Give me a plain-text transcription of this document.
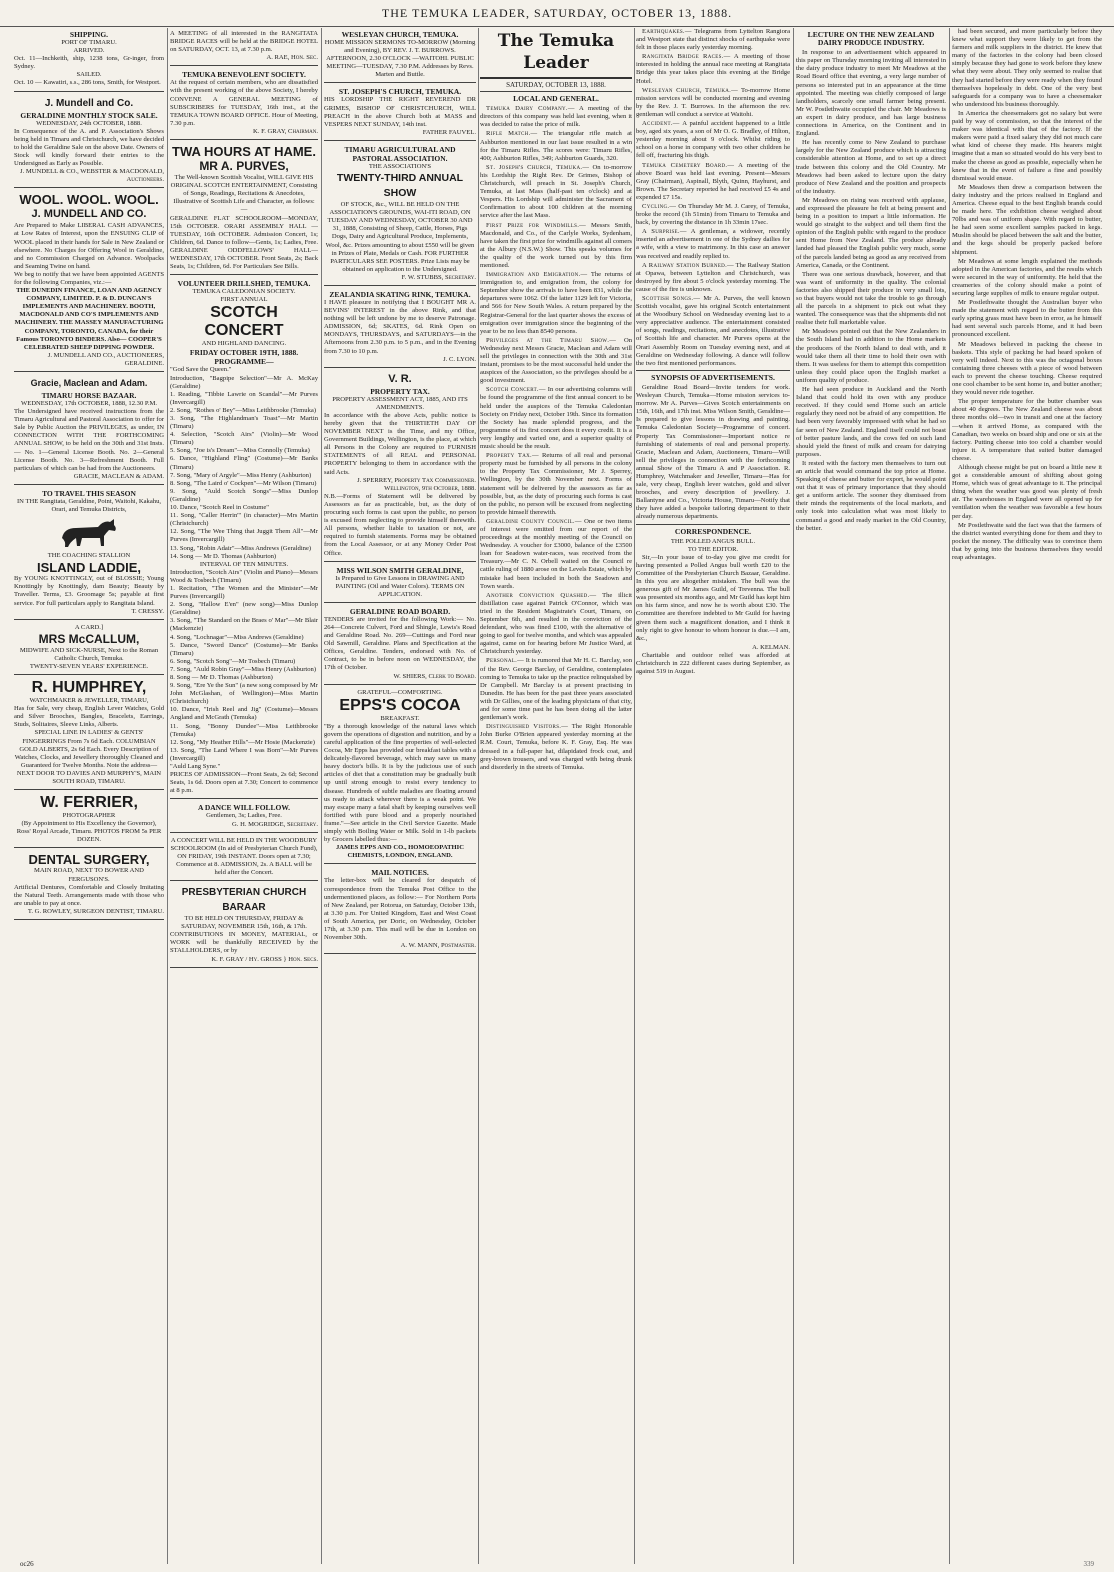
THE TEMUKA LEADER, SATURDAY, OCTOBER 13, 1888.
SHIPPING.
PORT OF TIMARU.
ARRIVED.

Oct. 11—Inchkeith, ship, 1238 tons, Gr-inger, from Sydney.

SAILED.

Oct. 10 — Kawatiri, s.s., 286 tons, Smith, for Westport.

J. Mundell and Co.
GERALDINE MONTHLY STOCK SALE.
WEDNESDAY, 24th OCTOBER, 1888.

In Consequence of the A. and P. Association's Shows being held in Timaru and Christchurch, we have decided to hold the Geraldine Sale on the above Date. Owners of Stock will kindly forward their entries to the Undersigned as Early as Possible.

J. MUNDELL & CO., WEBSTER & MACDONALD, Auctioneers.
WOOL. WOOL. WOOL.
J. MUNDELL AND CO.

Are Prepared to Make LIBERAL CASH ADVANCES, at Low Rates of Interest, upon the ENSUING CLIP of WOOL placed in their hands for Sale in New Zealand or elsewhere. No Charges for Offering Wool in Geraldine, and no Commission Charged on Advance. Woolpacks and Seaming Twine on hand.

We beg to notify that we have been appointed AGENTS for the following Companies, viz.:—

THE DUNEDIN FINANCE, LOAN AND AGENCY COMPANY, LIMITED. P. & D. DUNCAN'S IMPLEMENTS AND MACHINERY. BOOTH, MACDONALD AND CO'S IMPLEMENTS AND MACHINERY. THE MASSEY MANUFACTURING COMPANY, TORONTO, CANADA, for their Famous TORONTO BINDERS. Also— COOPER'S CELEBRATED SHEEP DIPPING POWDER.

J. MUNDELL AND CO., AUCTIONEERS, GERALDINE.
Gracie, Maclean and Adam.
TIMARU HORSE BAZAAR.
WEDNESDAY, 17th OCTOBER, 1888, 12.30 P.M.

The Undersigned have received instructions from the Timaru Agricultural and Pastoral Association to offer for Sale by Public Auction the PRIVILEGES, as under, IN CONNECTION WITH THE FORTHCOMING ANNUAL SHOW, to be held on the 30th and 31st Insts.— No. 1—General License Booth. No. 2—General License Booth. No. 3—Refreshment Booth. Full particulars of which can be had from the Auctioneers.

GRACIE, MACLEAN & ADAM.
TO TRAVEL THIS SEASON

IN THE Rangitata, Geraldine, Point, Waitohi, Kakahu, Orari, and Temuka Districts,

THE COACHING STALLION
ISLAND LADDIE,

By YOUNG KNOTTINGLY, out of BLOSSIE; Young Knottingly by Knottingly, dam Beauty; Beauty by Traveller. Terms, £3. Groomage 5s; payable at first service. For full particulars apply to Rangitata Island.

T. CRESSY.
A CARD.]
MRS McCALLUM,

MIDWIFE AND SICK-NURSE, Next to the Roman Catholic Church, Temuka.

TWENTY-SEVEN YEARS' EXPERIENCE.
R. HUMPHREY,
WATCHMAKER & JEWELLER, TIMARU,

Has for Sale, very cheap, English Lever Watches, Gold and Silver Brooches, Bangles, Bracelets, Earrings, Studs, Solitaires, Sleeve Links, Alberts.

SPECIAL LINE IN LADIES' & GENTS' FINGERRINGS From 7s 6d Each. COLUMBIAN GOLD ALBERTS, 2s 6d Each. Every Description of Watches, Clocks, and Jewellery thoroughly Cleaned and Guaranteed for Twelve Months. Note the address— NEXT DOOR TO DAVIES AND MURPHY'S, MAIN SOUTH ROAD, TIMARU.

W. FERRIER,
PHOTOGRAPHER

(By Appointment to His Excellency the Governor), Ross' Royal Arcade, Timaru. PHOTOS FROM 5s PER DOZEN.

DENTAL SURGERY,
MAIN ROAD, NEXT TO BOWER AND FERGUSON'S.

Artificial Dentures, Comfortable and Closely Imitating the Natural Teeth. Arrangements made with those who are unable to pay at once.

T. G. ROWLEY, SURGEON DENTIST, TIMARU.

A MEETING of all interested in the RANGITATA BRIDGE RACES will be held at the BRIDGE HOTEL on SATURDAY, OCT. 13, at 7.30 p.m.

A. RAE, Hon. Sec.
TEMUKA BENEVOLENT SOCIETY.

At the request of certain members, who are dissatisfied with the present working of the above Society, I hereby CONVENE A GENERAL MEETING of SUBSCRIBERS for TUESDAY, 16th inst., at the TEMUKA TOWN BOARD OFFICE. Hour of Meeting, 7.30 p.m.

K. F. GRAY, Chairman.
TWA HOURS AT HAME.
MR A. PURVES,

The Well-known Scottish Vocalist, WILL GIVE HIS ORIGINAL SCOTCH ENTERTAINMENT, Consisting of Songs, Readings, Recitations & Anecdotes, Illustrative of Scottish Life and Character, as follows:—

GERALDINE FLAT SCHOOLROOM—MONDAY, 15th OCTOBER. ORARI ASSEMBLY HALL — TUESDAY, 16th OCTOBER. Admission Concert, 1s; Children, 6d. Dance to follow—Gents, 1s; Ladies, Free. GERALDINE ODDFELLOWS' HALL—WEDNESDAY, 17th OCTOBER. Front Seats, 2s; Back Seats, 1s; Children, 6d. For Particulars See Bills.

VOLUNTEER DRILLSHED, TEMUKA.
TEMUKA CALEDONIAN SOCIETY.
FIRST ANNUAL
SCOTCH CONCERT
AND HIGHLAND DANCING.
FRIDAY OCTOBER 19TH, 1888.
PROGRAMME—
"God Save the Queen."
Introduction, "Bagpipe Selection"—Mr A. McKay (Geraldine)
1. Reading, "Tibbie Lawrie on Scandal"—Mr Purves (Invercargill)
2. Song, "Rothes o' Bey"—Miss Leithbrooke (Temuka)
3. Song, "The Highlandman's Toast"—Mr Martin (Timaru)
4. Selection, "Scotch Airs" (Violin)—Mr Wood (Timaru)
5. Song, "Joe is's Dream"—Miss Connolly (Temuka)
6. Dance, "Highland Fling" (Costume)—Mr Banks (Timaru)
7. Song, "Mary of Argyle"—Miss Henry (Ashburton)
8. Song, "The Laird o' Cockpen"—Mr Wilson (Timaru)
9. Song, "Auld Scotch Songs"—Miss Dunlop (Geraldine)
10. Dance, "Scotch Reel in Costume"
11. Song, "Caller Herrin'" (in character)—Mrs Martin (Christchurch)
12. Song, "The Wee Thing that Juggit Them All"—Mr Purves (Invercargill)
13. Song, "Robin Adair"—Miss Andrews (Geraldine)
14. Song — Mr D. Thomas (Ashburton)
INTERVAL OF TEN MINUTES.
Introduction, "Scotch Airs" (Violin and Piano)—Messrs Wood & Tosbech (Timaru)
1. Recitation, "The Women and the Minister"—Mr Purves (Invercargill)
2. Song, "Hallow E'en" (new song)—Miss Dunlop (Geraldine)
3. Song, "The Standard on the Braes o' Mar"—Mr Blair (Mackenzie)
4. Song, "Lochnagar"—Miss Andrews (Geraldine)
5. Dance, "Sword Dance" (Costume)—Mr Banks (Timaru)
6. Song, "Scotch Song"—Mr Tosbech (Timaru)
7. Song, "Auld Robin Gray"—Miss Henry (Ashburton)
8. Song — Mr D. Thomas (Ashburton)
9. Song, "Ere Ye the Sun" (a new song composed by Mr John McGlashan, of Wellington)—Miss Martin (Christchurch)
10. Dance, "Irish Reel and Jig" (Costume)—Messrs Angland and McGrath (Temuka)
11. Song, "Bonny Dundee"—Miss Leithbrooke (Temuka)
12. Song, "My Heather Hills"—Mr Hosie (Mackenzie)
13. Song, "The Land Where I was Born"—Mr Purves (Invercargill)
"Auld Lang Syne."

PRICES OF ADMISSION—Front Seats, 2s 6d; Second Seats, 1s 6d. Doors open at 7.30; Concert to commence at 8 p.m.

A DANCE WILL FOLLOW.
Gentlemen, 3s; Ladies, Free.
G. H. MOGRIDGE, Secretary.

A CONCERT WILL BE HELD IN THE WOODBURY SCHOOLROOM (In aid of Presbyterian Church Fund), ON FRIDAY, 19th INSTANT. Doors open at 7.30; Commence at 8. ADMISSION, 2s. A BALL will be held after the Concert.

PRESBYTERIAN CHURCH BARAAR

TO BE HELD ON THURSDAY, FRIDAY & SATURDAY, NOVEMBER 15th, 16th, & 17th.

CONTRIBUTIONS IN MONEY, MATERIAL, or WORK will be thankfully RECEIVED by the STALLHOLDERS, or by

K. F. GRAY / Hy. GROSS } Hon. Secs.
WESLEYAN CHURCH, TEMUKA.

HOME MISSION SERMONS TO-MORROW (Morning and Evening), BY REV. J. T. BURROWS. AFTERNOON, 2.30 O'CLOCK —WAITOHI. PUBLIC MEETING—TUESDAY, 7.30 P.M. Addresses by Revs. Marten and Buttle.

ST. JOSEPH'S CHURCH, TEMUKA.

HIS LORDSHIP THE RIGHT REVEREND DR GRIMES, BISHOP OF CHRISTCHURCH, WILL PREACH in the above Church both at MASS and VESPERS NEXT SUNDAY, 14th inst.

FATHER FAUVEL.
TIMARU AGRICULTURAL AND PASTORAL ASSOCIATION.
THE ASSOCIATION'S
TWENTY-THIRD ANNUAL SHOW

OF STOCK, &c., WILL BE HELD ON THE ASSOCIATION'S GROUNDS, WAI-ITI ROAD, ON TUESDAY AND WEDNESDAY, OCTOBER 30 AND 31, 1888, Consisting of Sheep, Cattle, Horses, Pigs Dogs, Dairy and Agricultural Produce, Implements, Wool, &c. Prizes amounting to about £550 will be given in Prizes of Plate, Medals or Cash. FOR FURTHER PARTICULARS SEE POSTERS. Prize Lists may be obtained on application to the Undersigned.

F. W. STUBBS, Secretary.
ZEALANDIA SKATING RINK, TEMUKA.

I HAVE pleasure in notifying that I BOUGHT MR A. BEVINS' INTEREST in the above Rink, and that nothing will be left undone by me to deserve Patronage. ADMISSION, 6d; SKATES, 6d. Rink Open on MONDAYS, THURSDAYS, and SATURDAYS—in the Afternoons from 2.30 p.m. to 5 p.m., and in the Evening from 7.30 to 10 p.m.

J. C. LYON.
V. R.
PROPERTY TAX.
PROPERTY ASSESSMENT ACT, 1885, AND ITS AMENDMENTS.

In accordance with the above Acts, public notice is hereby given that the THIRTIETH DAY OF NOVEMBER NEXT is the Time, and my Office, Government Buildings, Wellington, is the place, at which all Persons in the Colony are required to FURNISH STATEMENTS of all REAL and PERSONAL PROPERTY belonging to them in accordance with the said Acts.

J. SPERREY, Property Tax Commissioner. Wellington, 9th October, 1888.

N.B.—Forms of Statement will be delivered by Assessors as far as practicable, but, as the duty of procuring such forms is cast upon the public, no person is excused from neglecting to provide himself therewith. All persons, whether liable to taxation or not, are required to furnish statements. Forms may be obtained from the Local Assessor, or at any Money Order Post Office.

MISS WILSON SMITH GERALDINE,

Is Prepared to Give Lessons in DRAWING AND PAINTING (Oil and Water Colors). TERMS ON APPLICATION.

GERALDINE ROAD BOARD.

TENDERS are invited for the following Work:— No. 264—Concrete Culvert, Ford and Shingle, Lewis's Road and Geraldine Road. No. 269—Cuttings and Ford near Old Sawmill, Geraldine. Plans and Specification at the Offices, Geraldine. Tenders, endorsed with No. of Contract, to be in before noon on WEDNESDAY, the 17th of October.

W. SHIERS, Clerk to Board.
GRATEFUL—COMFORTING.
EPPS'S COCOA
BREAKFAST.

"By a thorough knowledge of the natural laws which govern the operations of digestion and nutrition, and by a careful application of the fine properties of well-selected Cocoa, Mr Epps has provided our breakfast tables with a delicately-flavored beverage, which may save us many heavy doctor's bills. It is by the judicious use of such articles of diet that a constitution may be gradually built up until strong enough to resist every tendency to disease. Hundreds of subtle maladies are floating around us ready to attack wherever there is a weak point. We may escape many a fatal shaft by keeping ourselves well fortified with pure blood and a properly nourished frame."—See article in the Civil Service Gazette. Made simply with Boiling Water or Milk. Sold in 1-lb packets by Grocers labelled thus:—

JAMES EPPS AND CO., HOMOEOPATHIC CHEMISTS, LONDON, ENGLAND.
MAIL NOTICES.

The letter-box will be cleared for despatch of correspondence from the Temuka Post Office to the undermentioned places, as follow:— For Northern Ports of New Zealand, per Rotorua, on Saturday, October 13th, at 3.30 p.m. For United Kingdom, East and West Coast of South America, per Doric, on Wednesday, October 17th, at 3.30 p.m. This mail will be due in London on November 30th.

A. W. MANN, Postmaster.
The Temuka Leader
SATURDAY, OCTOBER 13, 1888.
LOCAL AND GENERAL.

Temuka Dairy Company.— A meeting of the directors of this company was held last evening, when it was decided to raise the price of milk.

Rifle Match.— The triangular rifle match at Ashburton mentioned in our last issue resulted in a win for the Timaru Rifles. The scores were: Timaru Rifles, 400; Ashburton Rifles, 349; Ashburton Guards, 320.

St. Joseph's Church, Temuka.— On to-morrow his Lordship the Right Rev. Dr Grimes, Bishop of Christchurch, will preach in St. Joseph's Church, Temuka, at last Mass (half-past ten o'clock) and at Vespers. His Lordship will administer the Sacrament of Confirmation to about 100 children at the morning service after the last Mass.

First Prize for Windmills.— Messrs Smith, Macdonald, and Co., of the Carlyle Works, Sydenham, have taken the first prize for windmills against all comers at the Albury (N.S.W.) Show. This speaks volumes for the quality of the work turned out by this firm mentioned.

Immigration and Emigration.— The returns of immigration to, and emigration from, the colony for September show the arrivals to have been 831, while the departures were 1062. Of the latter 1129 left for Victoria, and 566 for New South Wales. A return prepared by the Registrar-General for the last quarter shows the excess of emigration over immigration since the beginning of the year to be no less than 8540 persons.

Privileges at the Timaru Show.— On Wednesday next Messrs Gracie, Maclean and Adam will sell the privileges in connection with the 30th and 31st instant, promises to be the most successful held under the auspices of the Association, so the privileges should be a good investment.

Scotch Concert.— In our advertising columns will be found the programme of the first annual concert to be held under the auspices of the Temuka Caledonian Society on Friday next, October 19th. Since its formation the Society has made splendid progress, and the programme of its first concert does it every credit. It is a very lengthy and varied one, and a superior quality of music should be the result.

Property Tax.— Returns of all real and personal property must be furnished by all persons in the colony to the Property Tax Commissioner, Mr J. Sperrey, Wellington, by the 30th November next. Forms of statement will be delivered by the assessors as far as possible, but, as the duty of procuring such forms is cast on the public, no person will be excused from neglecting to provide himself therewith.

Geraldine County Council.— One or two items of interest were omitted from our report of the proceedings at the monthly meeting of the Council on Wednesday. A voucher for £3000, balance of the £3500 loan for Seadown water-races, was received from the Treasury.—Mr C. N. Orbell waited on the Council re cattle ruling of 1880 arose on the Levels Estate, which by mistake had been included in both the Seadown and Town wards.

Another Conviction Quashed.— The illicit distillation case against Patrick O'Connor, which was tried in the Resident Magistrate's Court, Timaru, on September 6th, and resulted in the conviction of the defendant, who was fined £100, with the alternative of going to gaol for twelve months, and which was appealed against, came on for hearing before Mr Justice Ward, at Christchurch yesterday.

Personal.— It is rumored that Mr H. C. Barclay, son of the Rev. George Barclay, of Geraldine, contemplates coming to Temuka to take up the practice relinquished by Dr Campbell. Mr Barclay is at present practising in Dunedin. He has been for the past three years associated with Dr Gillies, one of the leading physicians of that city, and for some time past he has been doing all the latter gentleman's work.

Distinguished Visitors.— The Right Honorable John Burke O'Brien appeared yesterday morning at the R.M. Court, Temuka, before K. F. Gray, Esq. He was dressed in a full-paper hat, dilapidated frock coat, and grey-brown trousers, and was charged with being drunk and disorderly in the streets of Temuka.

Earthquakes.— Telegrams from Lyttelton Rangiora and Westport state that distinct shocks of earthquake were felt in those places early yesterday morning.

Rangitata Bridge Races.— A meeting of those interested in holding the annual race meeting at Rangitata Bridge this year takes place this evening at the Bridge Hotel.

Wesleyan Church, Temuka.— To-morrow Home mission services will be conducted morning and evening by the Rev. J. T. Burrows. In the afternoon the rev. gentleman will conduct a service at Waitohi.

Accident.— A painful accident happened to a little boy, aged six years, a son of Mr O. G. Bradley, of Hilton, yesterday morning about 9 o'clock. Whilst riding to school on a horse in company with two other children he fell off, fracturing his thigh.

Temuka Cemetery Board.— A meeting of the above Board was held last evening. Present—Messrs Gray (Chairman), Aspinall, Blyth, Quinn, Hayhurst, and Brown. The Secretary reported he had received £5 4s and expended £7 15s.

Cycling.— On Thursday Mr M. J. Carey, of Temuka, broke the record (1h 51min) from Timaru to Temuka and back, by covering the distance in 1h 33min 17sec.

A Surprise.— A gentleman, a widower, recently inserted an advertisement in one of the Sydney dailies for a wife, with a view to matrimony. In this case an answer was received and readily replied to.

A Railway Station Burned.— The Railway Station at Opawa, between Lyttelton and Christchurch, was destroyed by fire about 5 o'clock yesterday morning. The cause of the fire is unknown.

Scottish Songs.— Mr A. Purves, the well known Scottish vocalist, gave his original Scotch entertainment at the Woodbury School on Wednesday evening last to a very appreciative audience. The entertainment consisted of songs, readings, recitations, and anecdotes, illustrative of Scottish life and character. Mr Purves opens at the Orari Assembly Room on Tuesday evening next, and at Geraldine on Wednesday following. A dance will follow the two first mentioned performances.

SYNOPSIS OF ADVERTISEMENTS.

Geraldine Road Board—Invite tenders for work. Wesleyan Church, Temuka—Home mission services to-morrow. Mr A. Purves—Gives Scotch entertainments on 15th, 16th, and 17th inst. Miss Wilson Smith, Geraldine—Is prepared to give lessons in drawing and painting. Temuka Caledonian Society—Programme of concert. Property Tax Commissioner—Important notice re furnishing of statements of real and personal property. Gracie, Maclean and Adam, Auctioneers, Timaru—Will sell the privileges in connection with the forthcoming annual Show of the Timaru A and P Association. R. Humphrey, Watchmaker and Jeweller, Timaru—Has for sale, very cheap, English lever watches, gold and silver brooches, and every description of jewellery. J. Ballantyne and Co., Victoria House, Timaru—Notify that they have added a bespoke tailoring department to their already numerous departments.

CORRESPONDENCE.
THE POLLED ANGUS BULL.
TO THE EDITOR.

Sir,—In your issue of to-day you give me credit for having presented a Polled Angus bull worth £20 to the Committee of the Presbyterian Church Bazaar, Geraldine. In this you are altogether mistaken. The bull was the generous gift of Mr James Guild, of Trevenna. The bull was presented six months ago, and Mr Guild has kept him on his farm since, and now he is worth about £30. The Committee are therefore indebted to Mr Guild for having given them such a magnificent donation, and I think it only right to give honour to whom honour is due.—I am, &c.,

A. KELMAN.

Charitable and outdoor relief was afforded at Christchurch in 222 different cases during September, as against 519 in August.

LECTURE ON THE NEW ZEALAND DAIRY PRODUCE INDUSTRY.

In response to an advertisement which appeared in this paper on Thursday morning inviting all interested in the dairy produce industry to meet Mr Meadows at the Road Board office that evening, a very large number of persons so interested put in an appearance at the time appointed. The meeting was chiefly composed of large landholders, scarcely one small farmer being present. Mr W. Postlethwaite occupied the chair. Mr Meadows is an expert in dairy produce, and has large business connections in America, on the Continent and in England.

He has recently come to New Zealand to purchase largely for the New Zealand produce which is attracting considerable attention at Home, and to set up a direct trade between this colony and the Old Country. Mr Meadows had been asked to lecture upon the dairy produce of New Zealand and the position and prospects of the industry.

Mr Meadows on rising was received with applause, and expressed the pleasure he felt at being present and being in a position to impart a little information. He would go straight to the subject and tell them first the opinion of the English public with regard to the produce sent Home from New Zealand. The produce already landed had pleased the English public very much, some of the parcels landed being as good as any received from America, Canada, or the Continent.

There was one serious drawback, however, and that was want of uniformity in the quality. The colonial factories also shipped their produce in very small lots, so that buyers would not take the trouble to go through all the parcels in a shipment to pick out what they wanted. The consequence was that the shipments did not realise their full marketable value.

Mr Meadows pointed out that the New Zealanders in the South Island had in addition to the Home markets the producers of the North Island to deal with, and it would take them all their time to hold their own with them. It was useless for them to attempt this competition unless they could place upon the English market a uniform quality of produce.

He had seen produce in Auckland and the North Island that could hold its own with any produce received. If they could send Home such an article regularly they need not be afraid of any competition. He had been very favorably impressed with what he had so far seen of New Zealand. England itself could not boast of better pasture lands, and the cows fed on such land should yield the finest of milk and cream for dairying purposes.

It rested with the factory men themselves to turn out an article that would command the top price at Home. Speaking of cheese and butter for export, he would point out that it was of primary importance that they should get a uniform article. The sooner they dismissed from their minds the requirements of the local markets, and only took into calculation what was most likely to command a good and ready market in the Old Country, the better.

had been secured, and more particularly before they knew what support they were likely to get from the farmers and milk suppliers in the district. He knew that many of the factories in the colony had been closed simply because they had gone to work before they knew what they were about. They only seemed to realise that they had started before they were ready when they found themselves hopelessly in debt. One of the very best safeguards for a company was to have a cheesemaker who understood his business thoroughly.

In America the cheesemakers got no salary but were paid by way of commission, so that the interest of the maker was identical with that of the factory. If the makers were paid a fixed salary they did not much care what kind of cheese they made. His hearers might imagine that a man so situated would do his very best to make the cheese as good as possible, especially when he knew that in the event of failure a fine and possibly dismissal would ensue.

Mr Meadows then drew a comparison between the dairy industry and the prices realised in England and America. Cheese equal to the best English brands could be made here. The exhibition cheese weighed about 70lbs and was of uniform shape. With regard to butter, he had seen some excellent samples packed in kegs. Muslin should be placed between the salt and the butter, and the kegs should be properly packed before shipment.

Mr Meadows at some length explained the methods adopted in the American factories, and the results which were secured in the way of uniformity. He held that the creameries of the colony should make a point of securing large supplies of milk to ensure regular output.

Mr Postlethwaite thought the Australian buyer who made the statement with regard to the butter from this early spring grass must have been in error, as he himself had sent several such parcels Home, and it had been pronounced excellent.

Mr Meadows believed in packing the cheese in baskets. This style of packing he had heard spoken of very well indeed. Next to this was the octagonal boxes containing three cheeses with a piece of wood between each to prevent the cheese touching. Cheese required one cool chamber to be sent home in, and butter another; they would never ride together.

The proper temperature for the butter chamber was about 40 degrees. The New Zealand cheese was about three months old—two in transit and one at the factory—when it arrived Home, as compared with the Canadian, two weeks on board ship and one or six at the factory. Putting cheese into too cold a chamber would injure it. A temperature that suited butter damaged cheese.

Although cheese might be put on board a little new it got a considerable amount of shifting about going Home, which was of great advantage to it. The principal thing when the weather was good was plenty of fresh air. The warehouses in England were all opened up for ventilation when the weather was favorable a few hours per day.

Mr Postlethwaite said the fact was that the farmers of the district wanted everything done for them and they to pocket the money. The difficulty was to convince them that by going into the business themselves they would reap advantages.

oc26	339
